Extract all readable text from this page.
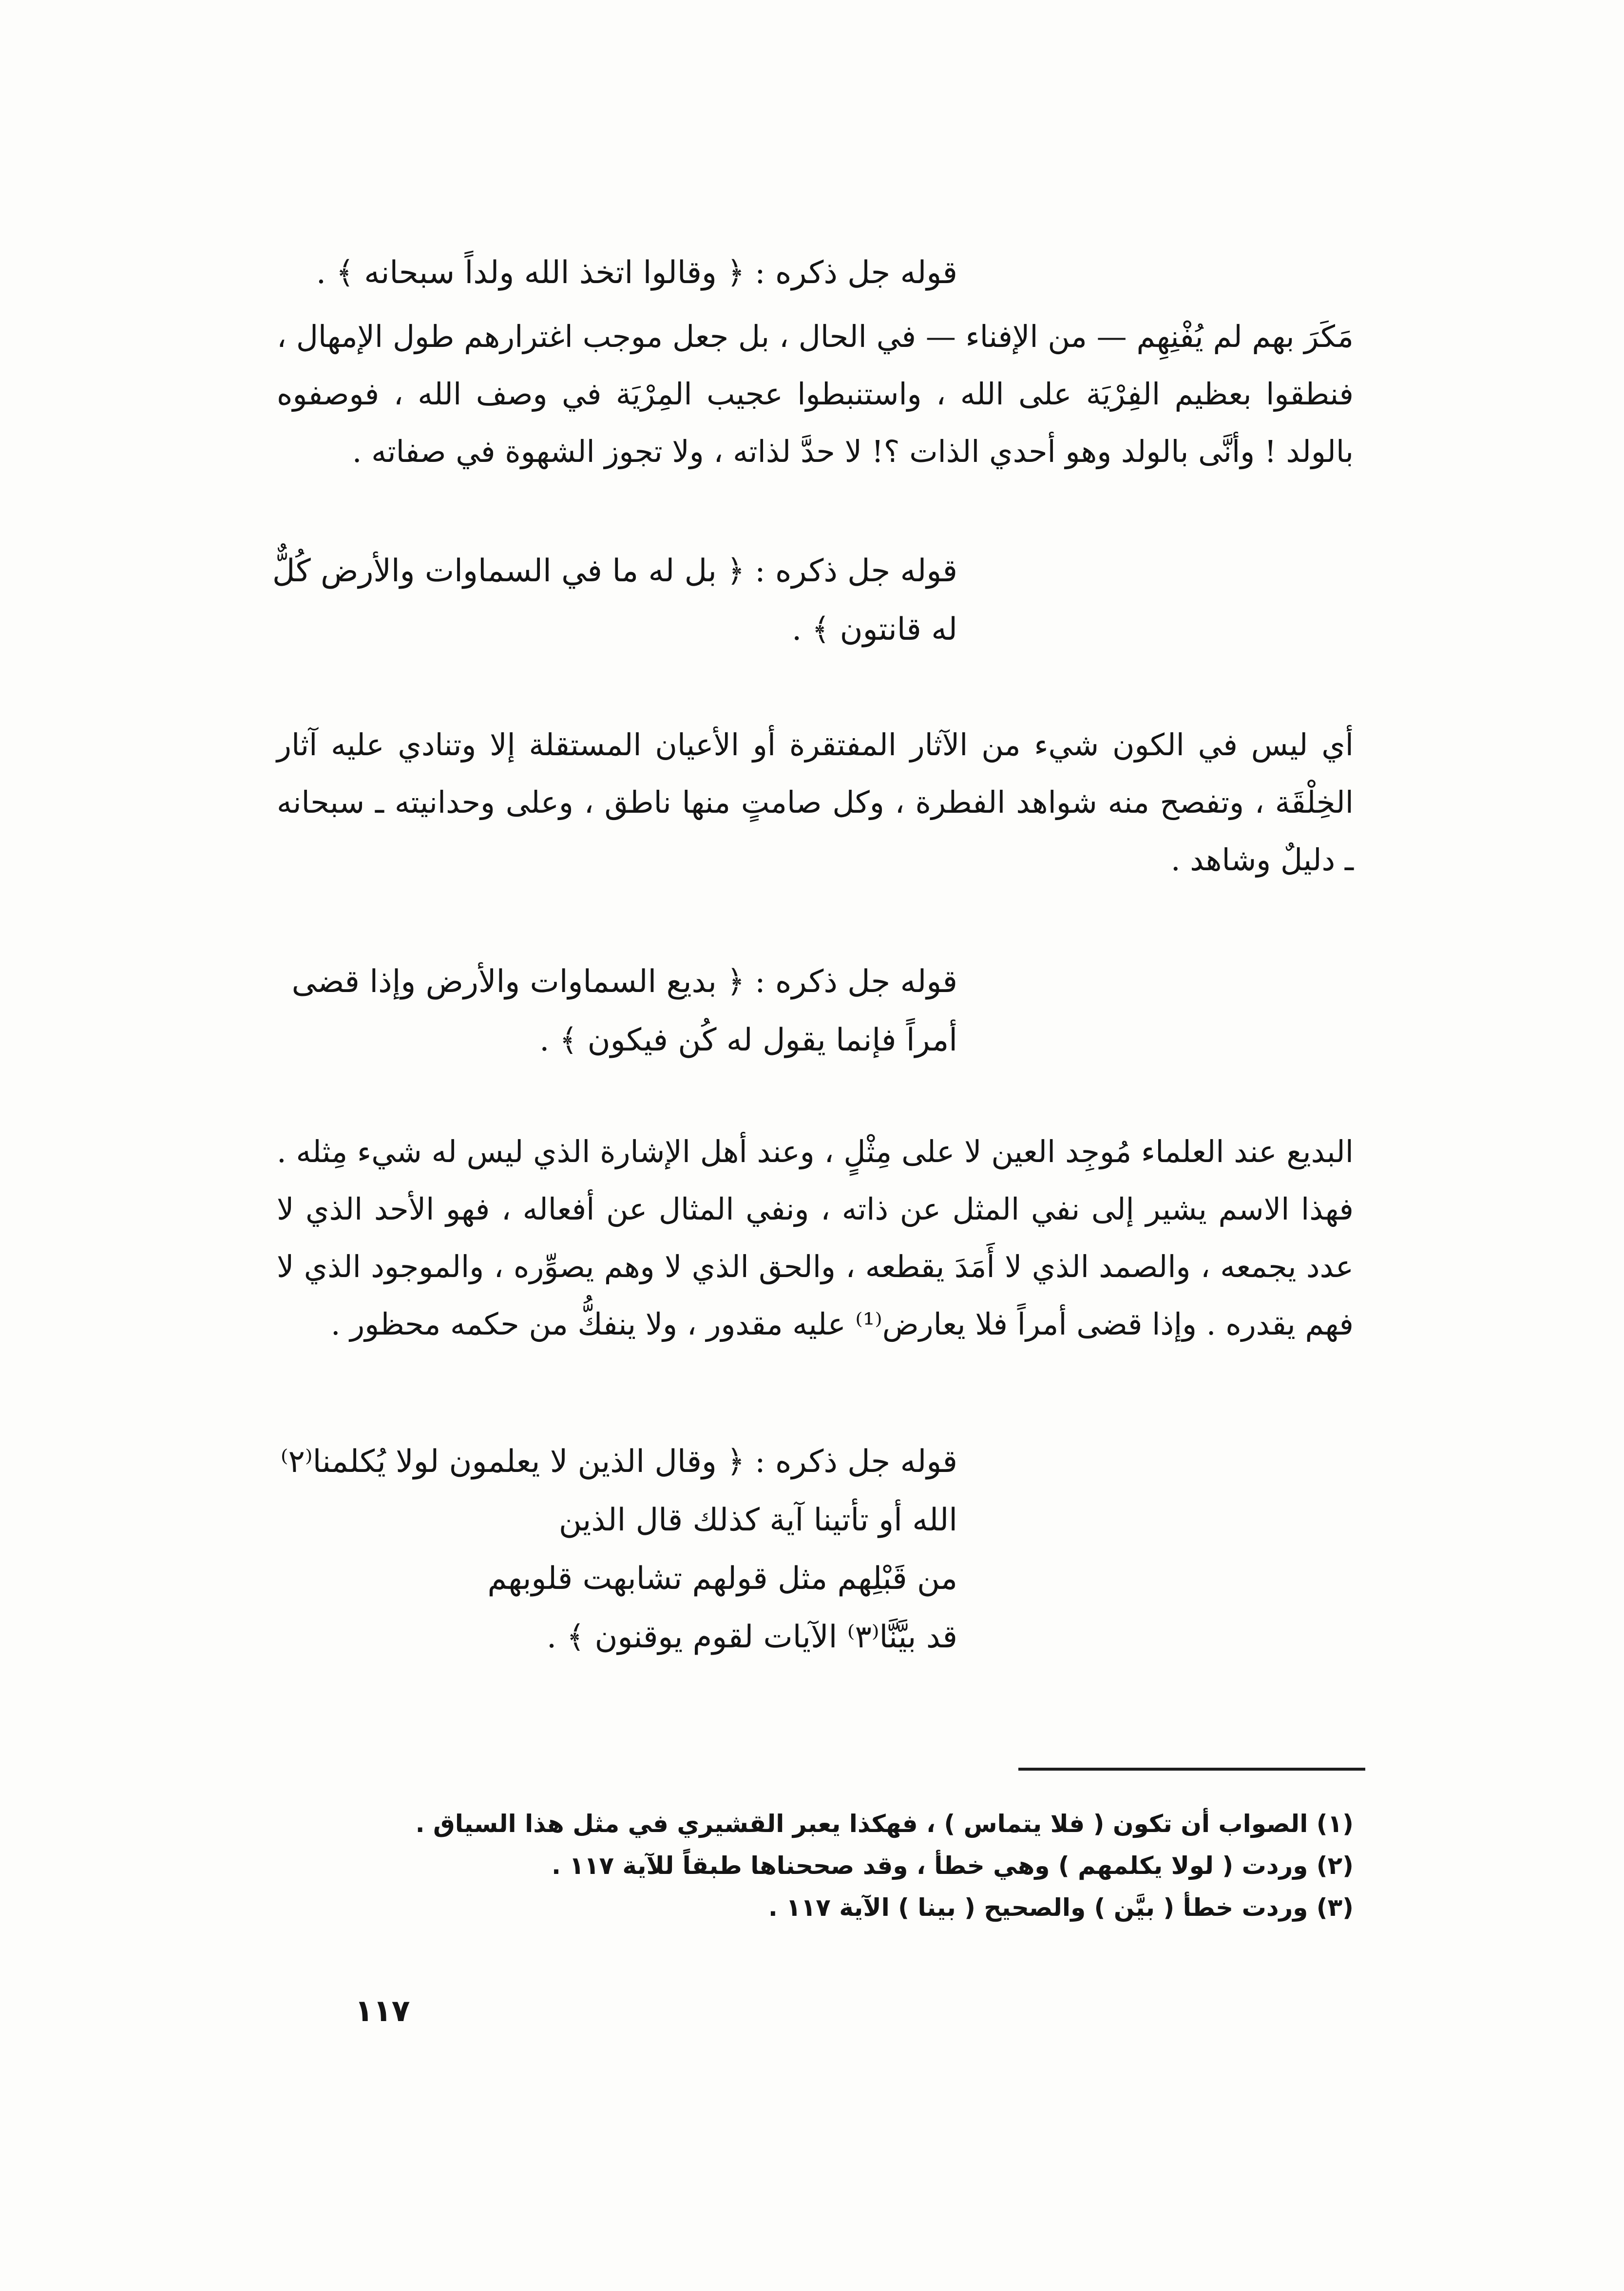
قوله جل ذكره : ﴿ وقالوا اتخذ الله ولداً سبحانه ﴾ .
مَكَرَ بهم لم يُفْنِهِم — من الإفناء — في الحال ، بل جعل موجب اغترارهم طول الإمهال ، فنطقوا بعظيم الفِرْيَة على الله ، واستنبطوا عجيب المِرْيَة في وصف الله ، فوصفوه بالولد ! وأنَّى بالولد وهو أحدي الذات ؟! لا حدَّ لذاته ، ولا تجوز الشهوة في صفاته .
قوله جل ذكره : ﴿ بل له ما في السماوات والأرض كُلٌّ
له قانتون ﴾ .
أي ليس في الكون شيء من الآثار المفتقرة أو الأعيان المستقلة إلا وتنادي عليه آثار الخِلْقَة ، وتفصح منه شواهد الفطرة ، وكل صامتٍ منها ناطق ، وعلى وحدانيته ـ سبحانه ـ دليلٌ وشاهد .
قوله جل ذكره : ﴿ بديع السماوات والأرض وإذا قضى
أمراً فإنما يقول له كُن فيكون ﴾ .
البديع عند العلماء مُوجِد العين لا على مِثْلٍ ، وعند أهل الإشارة الذي ليس له شيء مِثله . فهذا الاسم يشير إلى نفي المثل عن ذاته ، ونفي المثال عن أفعاله ، فهو الأحد الذي لا عدد يجمعه ، والصمد الذي لا أَمَدَ يقطعه ، والحق الذي لا وهم يصوِّره ، والموجود الذي لا فهم يقدره . وإذا قضى أمراً فلا يعارض⁽¹⁾ عليه مقدور ، ولا ينفكُّ من حكمه محظور .
قوله جل ذكره : ﴿ وقال الذين لا يعلمون لولا يُكلمنا⁽٢⁾
الله أو تأتينا آية كذلك قال الذين
من قَبْلِهم مثل قولهم تشابهت قلوبهم
قد بيَّنَّا⁽٣⁾ الآيات لقوم يوقنون ﴾ .
(١) الصواب أن تكون ( فلا يتماس ) ، فهكذا يعبر القشيري في مثل هذا السياق .
(٢) وردت ( لولا يكلمهم ) وهي خطأ ، وقد صححناها طبقاً للآية ١١٧ .
(٣) وردت خطأ ( بيَّن ) والصحيح ( بينا ) الآية ١١٧ .
١١٧
